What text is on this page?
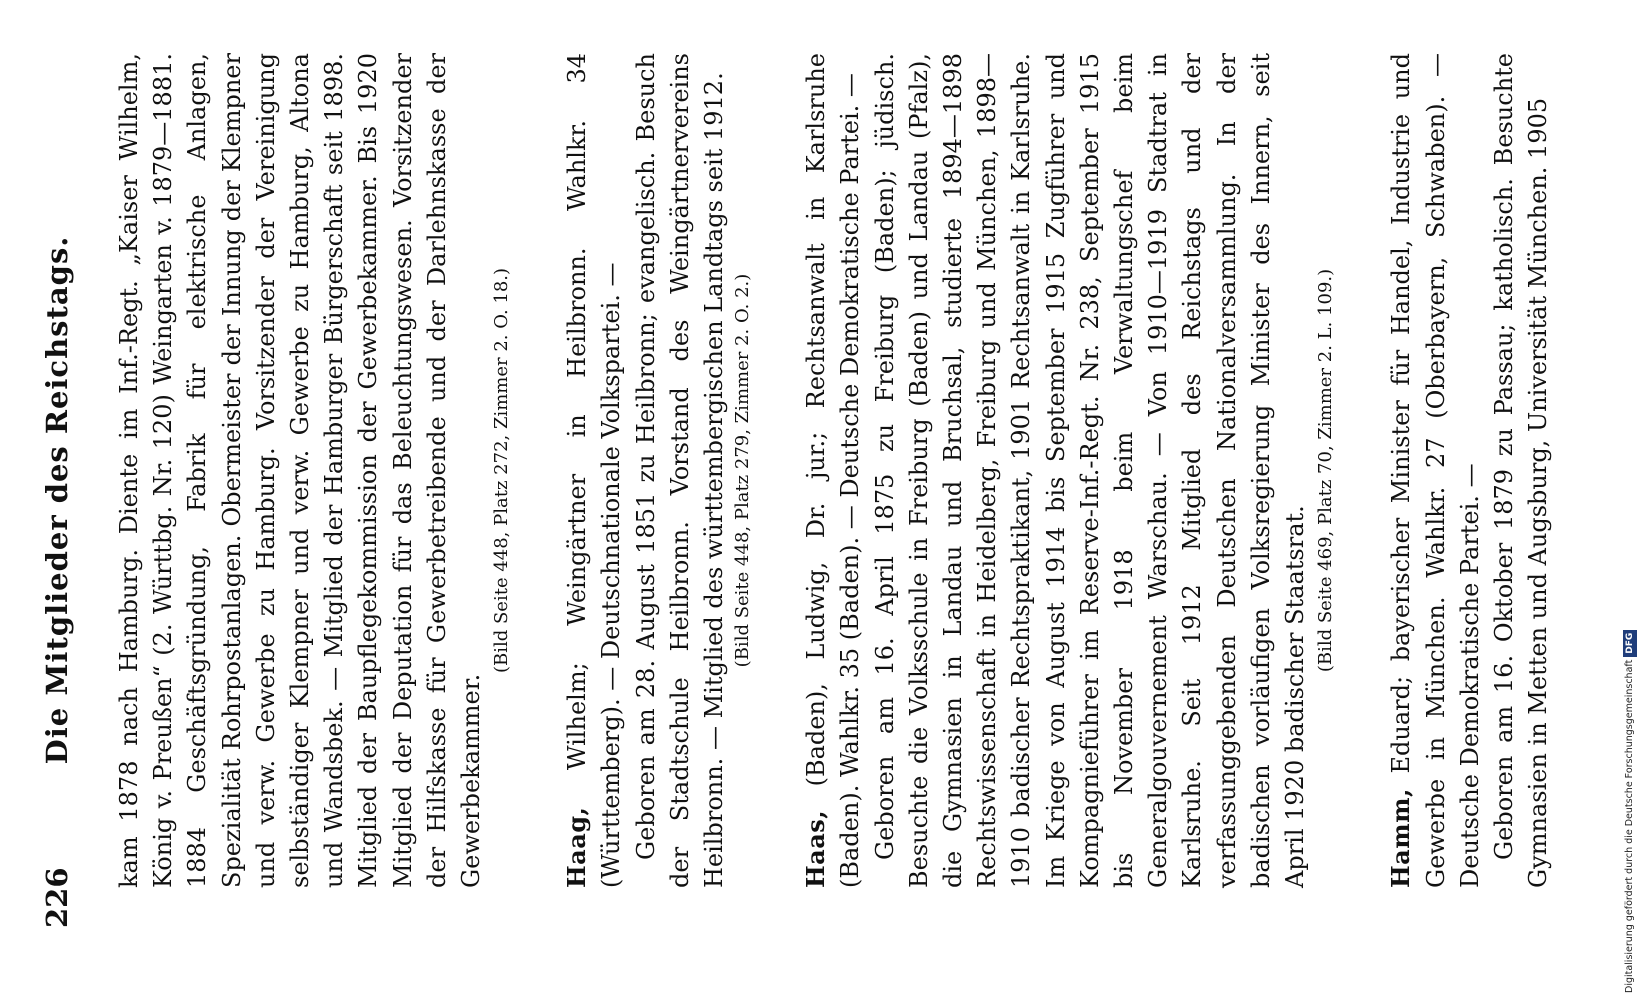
Die Mitglieder des Reichstags.
226

kam 1878 nach Hamburg. Diente im Inf.-Regt. „Kaiser Wilhelm, König v. Preußen“ (2. Württbg. Nr. 120) Weingarten v. 1879—1881. 1884 Geschäftsgründung, Fabrik für elektrische Anlagen, Spezialität Rohrpostanlagen. Obermeister der Innung der Klempner und verw. Gewerbe zu Hamburg. Vorsitzender der Vereinigung selbständiger Klempner und verw. Gewerbe zu Hamburg, Altona und Wandsbek. — Mitglied der Hamburger Bürgerschaft seit 1898. Mitglied der Baupflegekommission der Gewerbekammer. Bis 1920 Mitglied der Deputation für das Beleuchtungswesen. Vorsitzender der Hilfskasse für Gewerbetreibende und der Darlehnskasse der Gewerbekammer.

(Bild Seite 448, Platz 272, Zimmer 2. O. 18.)

Haag, Wilhelm; Weingärtner in Heilbronn. Wahlkr. 34 (Württemberg). — Deutschnationale Volkspartei. — Geboren am 28. August 1851 zu Heilbronn; evangelisch. Besuch der Stadtschule Heilbronn. Vorstand des Weingärtnervereins Heilbronn. — Mitglied des württembergischen Landtags seit 1912. (Bild Seite 448, Platz 279, Zimmer 2. O. 2.)

Haas, (Baden), Ludwig, Dr. jur.; Rechtsanwalt in Karlsruhe (Baden). Wahlkr. 35 (Baden). — Deutsche Demokratische Partei. — Geboren am 16. April 1875 zu Freiburg (Baden); jüdisch. Besuchte die Volksschule in Freiburg (Baden) und Landau (Pfalz), die Gymnasien in Landau und Bruchsal, studierte 1894—1898 Rechtswissenschaft in Heidelberg, Freiburg und München, 1898—1910 badischer Rechtspraktikant, 1901 Rechtsanwalt in Karlsruhe. Im Kriege von August 1914 bis September 1915 Zugführer und Kompagnieführer im Reserve-Inf.-Regt. Nr. 238, September 1915 bis November 1918 beim Verwaltungschef beim Generalgouvernement Warschau. — Von 1910—1919 Stadtrat in Karlsruhe. Seit 1912 Mitglied des Reichstags und der verfassunggebenden Deutschen Nationalversammlung. In der badischen vorläufigen Volksregierung Minister des Innern, seit April 1920 badischer Staatsrat.

(Bild Seite 469, Platz 70, Zimmer 2. L. 109.)

Hamm, Eduard; bayerischer Minister für Handel, Industrie und Gewerbe in München. Wahlkr. 27 (Oberbayern, Schwaben). — Deutsche Demokratische Partei. — Geboren am 16. Oktober 1879 zu Passau; katholisch. Besuchte Gymnasien in Metten und Augsburg, Universität München. 1905	Digitalisierung gefördert durch die Deutsche ForschungsgemeinschaftDFG
